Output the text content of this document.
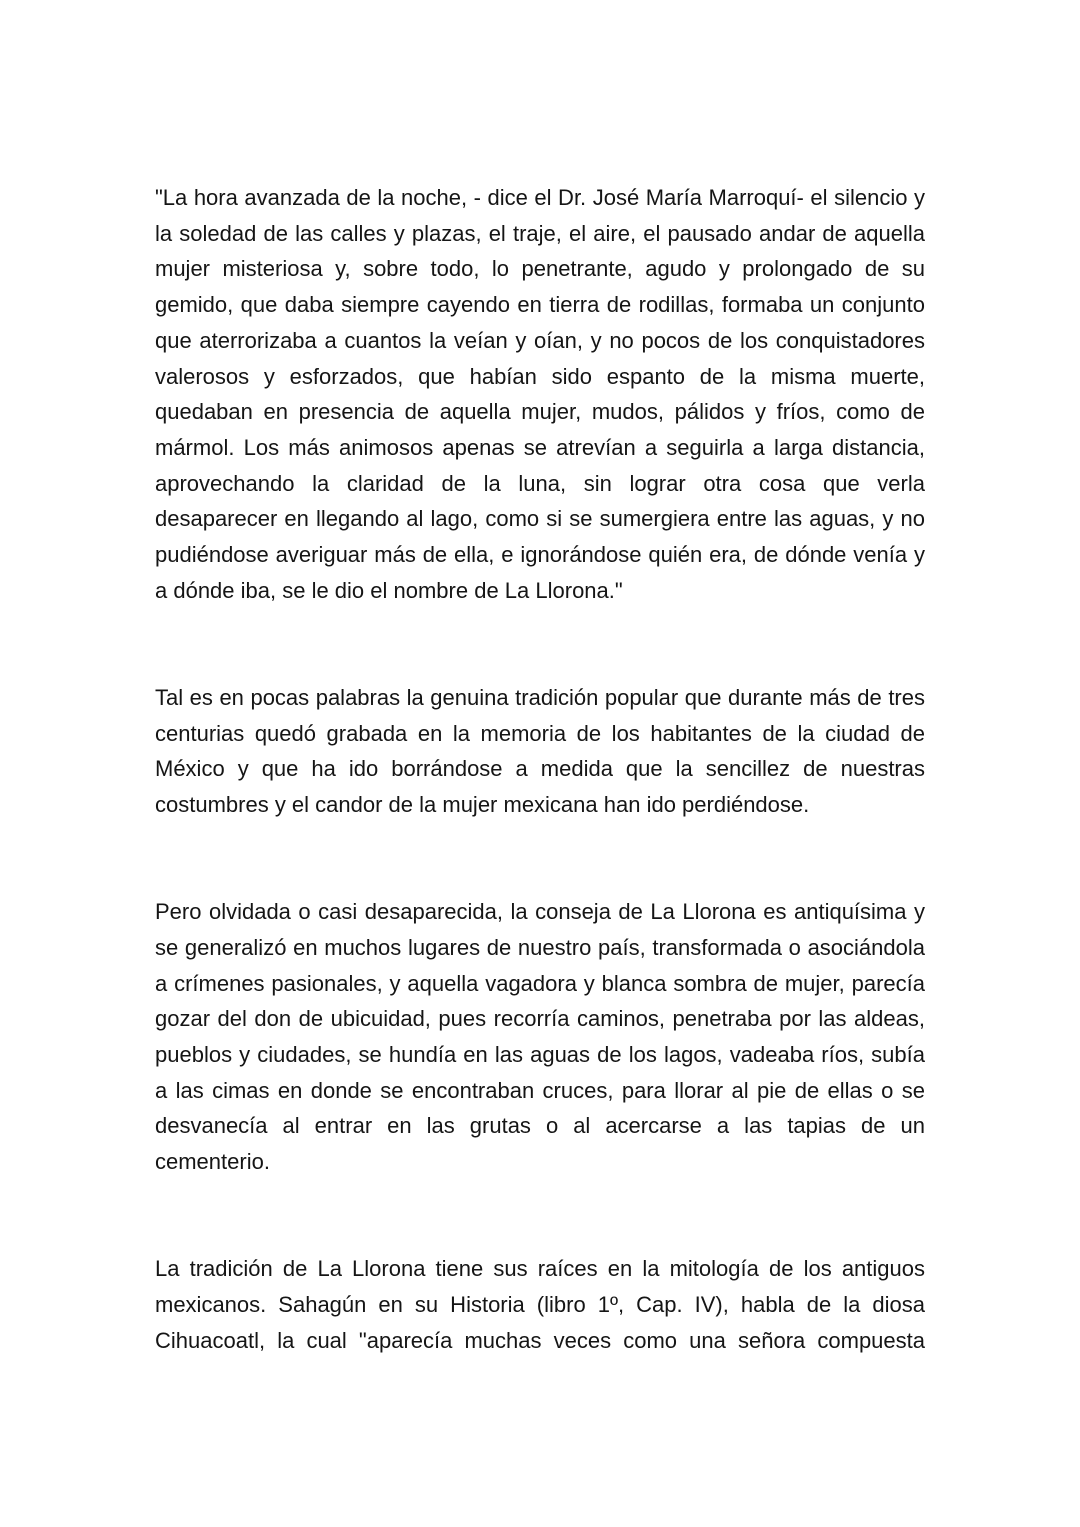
"La hora avanzada de la noche, - dice el Dr. José María Marroquí- el silencio y la soledad de las calles y plazas, el traje, el aire, el pausado andar de aquella mujer misteriosa y, sobre todo, lo penetrante, agudo y prolongado de su gemido, que daba siempre cayendo en tierra de rodillas, formaba un conjunto que aterrorizaba a cuantos la veían y oían, y no pocos de los conquistadores valerosos y esforzados, que habían sido espanto de la misma muerte, quedaban en presencia de aquella mujer, mudos, pálidos y fríos, como de mármol. Los más animosos apenas se atrevían a seguirla a larga distancia, aprovechando la claridad de la luna, sin lograr otra cosa que verla desaparecer en llegando al lago, como si se sumergiera entre las aguas, y no pudiéndose averiguar más de ella, e ignorándose quién era, de dónde venía y a dónde iba, se le dio el nombre de La Llorona."

Tal es en pocas palabras la genuina tradición popular que durante más de tres centurias quedó grabada en la memoria de los habitantes de la ciudad de México y que ha ido borrándose a medida que la sencillez de nuestras costumbres y el candor de la mujer mexicana han ido perdiéndose.

Pero olvidada o casi desaparecida, la conseja de La Llorona es antiquísima y se generalizó en muchos lugares de nuestro país, transformada o asociándola a crímenes pasionales, y aquella vagadora y blanca sombra de mujer, parecía gozar del don de ubicuidad, pues recorría caminos, penetraba por las aldeas, pueblos y ciudades, se hundía en las aguas de los lagos, vadeaba ríos, subía a las cimas en donde se encontraban cruces, para llorar al pie de ellas o se desvanecía al entrar en las grutas o al acercarse a las tapias de un cementerio.

La tradición de La Llorona tiene sus raíces en la mitología de los antiguos mexicanos. Sahagún en su Historia (libro 1º, Cap. IV), habla de la diosa Cihuacoatl, la cual "aparecía muchas veces como una señora compuesta
